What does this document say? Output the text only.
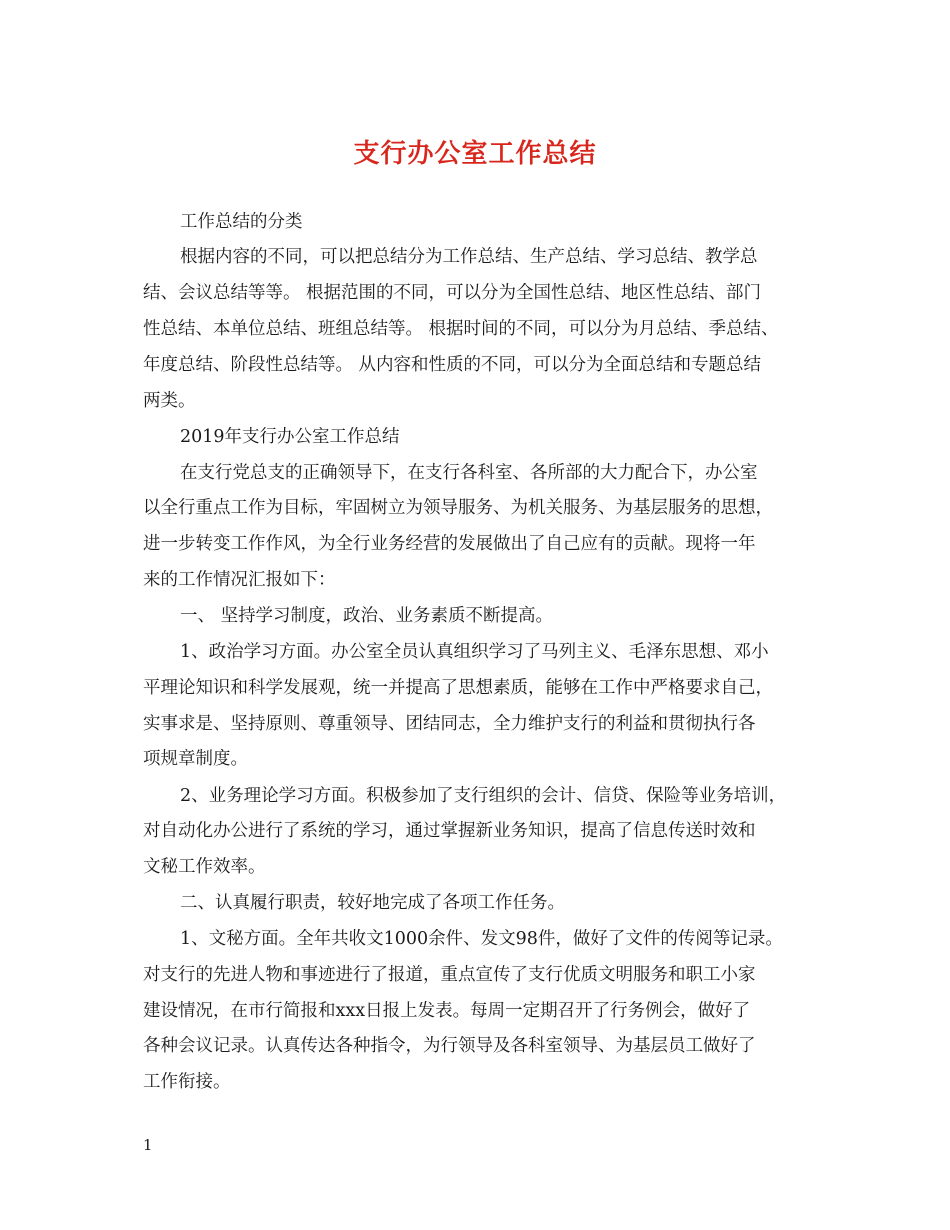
支行办公室工作总结
工作总结的分类
根据内容的不同，可以把总结分为工作总结、生产总结、学习总结、教学总
结、会议总结等等。 根据范围的不同，可以分为全国性总结、地区性总结、部门
性总结、本单位总结、班组总结等。 根据时间的不同，可以分为月总结、季总结、
年度总结、阶段性总结等。 从内容和性质的不同，可以分为全面总结和专题总结
两类。
2019年支行办公室工作总结
在支行党总支的正确领导下，在支行各科室、各所部的大力配合下，办公室
以全行重点工作为目标，牢固树立为领导服务、为机关服务、为基层服务的思想，
进一步转变工作作风，为全行业务经营的发展做出了自己应有的贡献。现将一年
来的工作情况汇报如下：
一、 坚持学习制度，政治、业务素质不断提高。
1、政治学习方面。办公室全员认真组织学习了马列主义、毛泽东思想、邓小
平理论知识和科学发展观，统一并提高了思想素质，能够在工作中严格要求自己，
实事求是、坚持原则、尊重领导、团结同志，全力维护支行的利益和贯彻执行各
项规章制度。
2、业务理论学习方面。积极参加了支行组织的会计、信贷、保险等业务培训，
对自动化办公进行了系统的学习，通过掌握新业务知识，提高了信息传送时效和
文秘工作效率。
二、认真履行职责，较好地完成了各项工作任务。
1、文秘方面。全年共收文1000余件、发文98件，做好了文件的传阅等记录。
对支行的先进人物和事迹进行了报道，重点宣传了支行优质文明服务和职工小家
建设情况，在市行简报和xxx日报上发表。每周一定期召开了行务例会，做好了
各种会议记录。认真传达各种指令，为行领导及各科室领导、为基层员工做好了
工作衔接。
1
